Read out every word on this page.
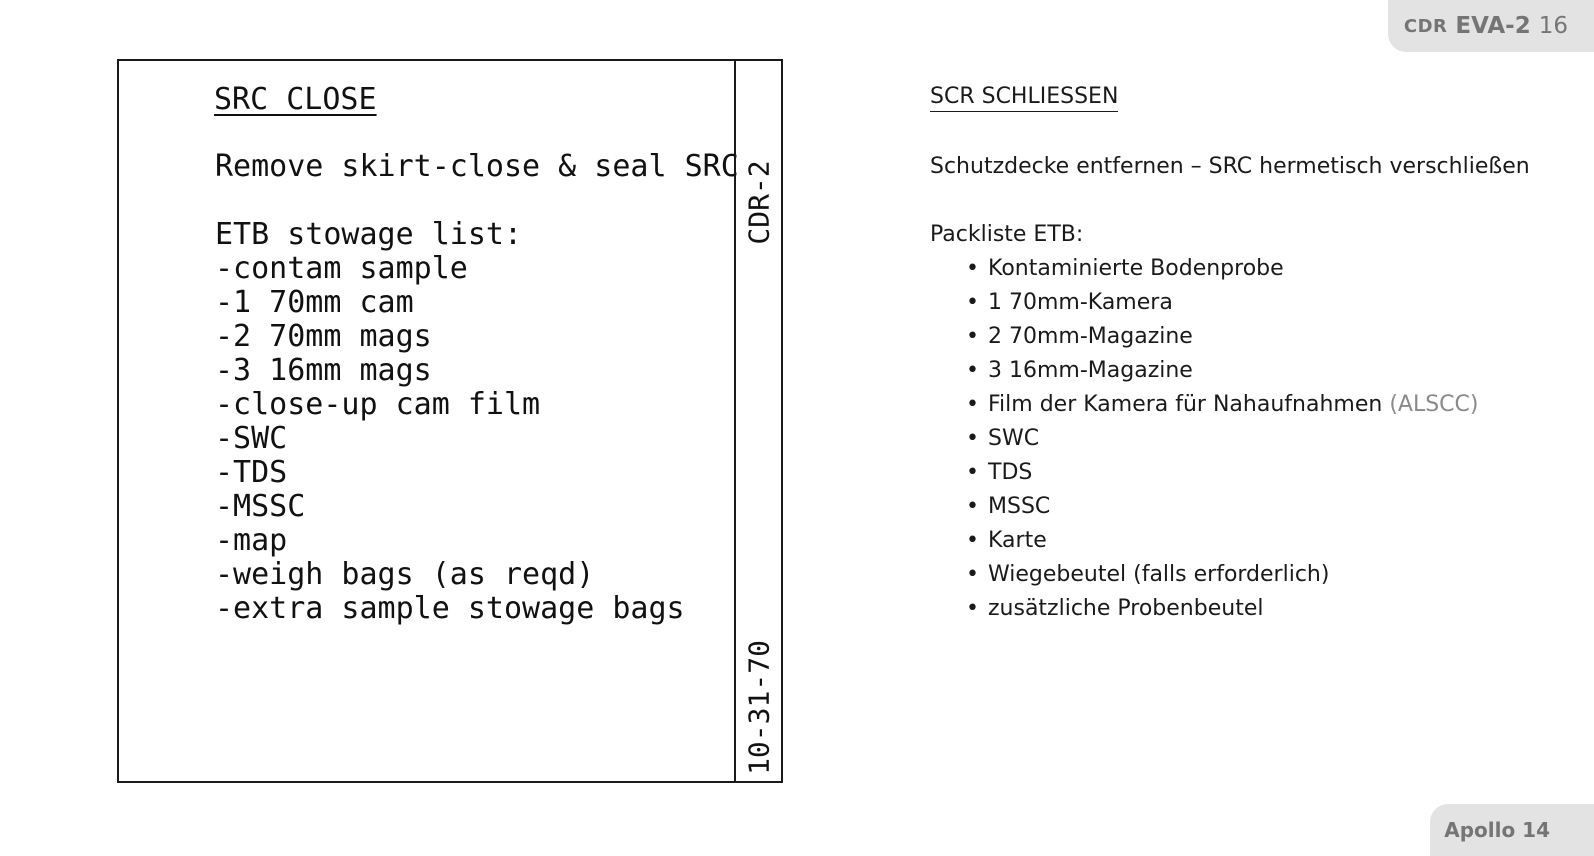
CDR EVA-2 16
SRC CLOSE
Remove skirt-close & seal SRC
ETB stowage list:
-contam sample
-1 70mm cam
-2 70mm mags
-3 16mm mags
-close-up cam film
-SWC
-TDS
-MSSC
-map
-weigh bags (as reqd)
-extra sample stowage bags
CDR-2
10-31-70
SCR SCHLIESSEN
Schutzdecke entfernen – SRC hermetisch verschließen
Packliste ETB:
• Kontaminierte Bodenprobe
• 1 70mm-Kamera
• 2 70mm-Magazine
• 3 16mm-Magazine
• Film der Kamera für Nahaufnahmen (ALSCC)
• SWC
• TDS
• MSSC
• Karte
• Wiegebeutel (falls erforderlich)
• zusätzliche Probenbeutel
Apollo 14
